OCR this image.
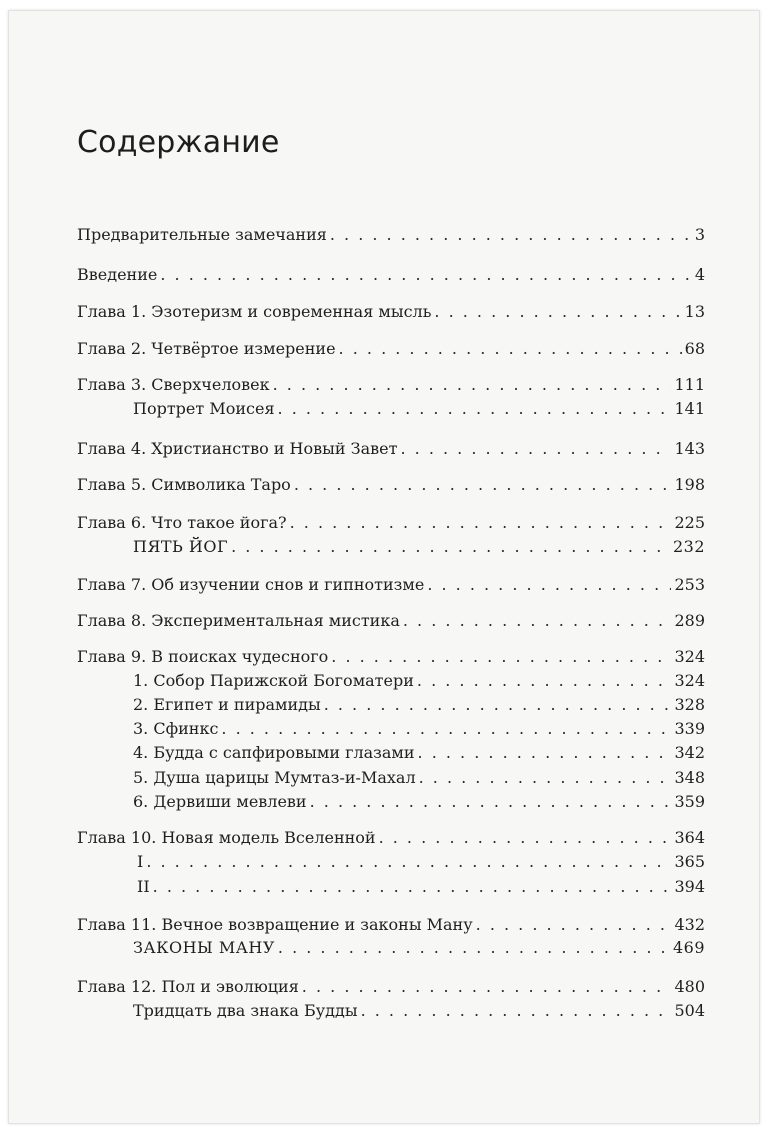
Содержание
Предварительные замечания . . .	3
Введение . . .	4
Глава 1. Эзотеризм и современная мысль . . .	13
Глава 2. Четвёртое измерение . . .	68
Глава 3. Сверхчеловек . . .	111
Портрет Моисея . . .	141
Глава 4. Христианство и Новый Завет . . .	143
Глава 5. Символика Таро . . .	198
Глава 6. Что такое йога? . . .	225
ПЯТЬ ЙОГ . . .	232
Глава 7. Об изучении снов и гипнотизме . . .	253
Глава 8. Экспериментальная мистика . . .	289
Глава 9. В поисках чудесного . . .	324
1. Собор Парижской Богоматери . . .	324
2. Египет и пирамиды . . .	328
3. Сфинкс . . .	339
4. Будда с сапфировыми глазами . . .	342
5. Душа царицы Мумтаз-и-Махал . . .	348
6. Дервиши мевлеви . . .	359
Глава 10. Новая модель Вселенной . . .	364
I . . .	365
II . . .	394
Глава 11. Вечное возвращение и законы Ману . . .	432
ЗАКОНЫ МАНУ . . .	469
Глава 12. Пол и эволюция . . .	480
Тридцать два знака Будды . . .	504
